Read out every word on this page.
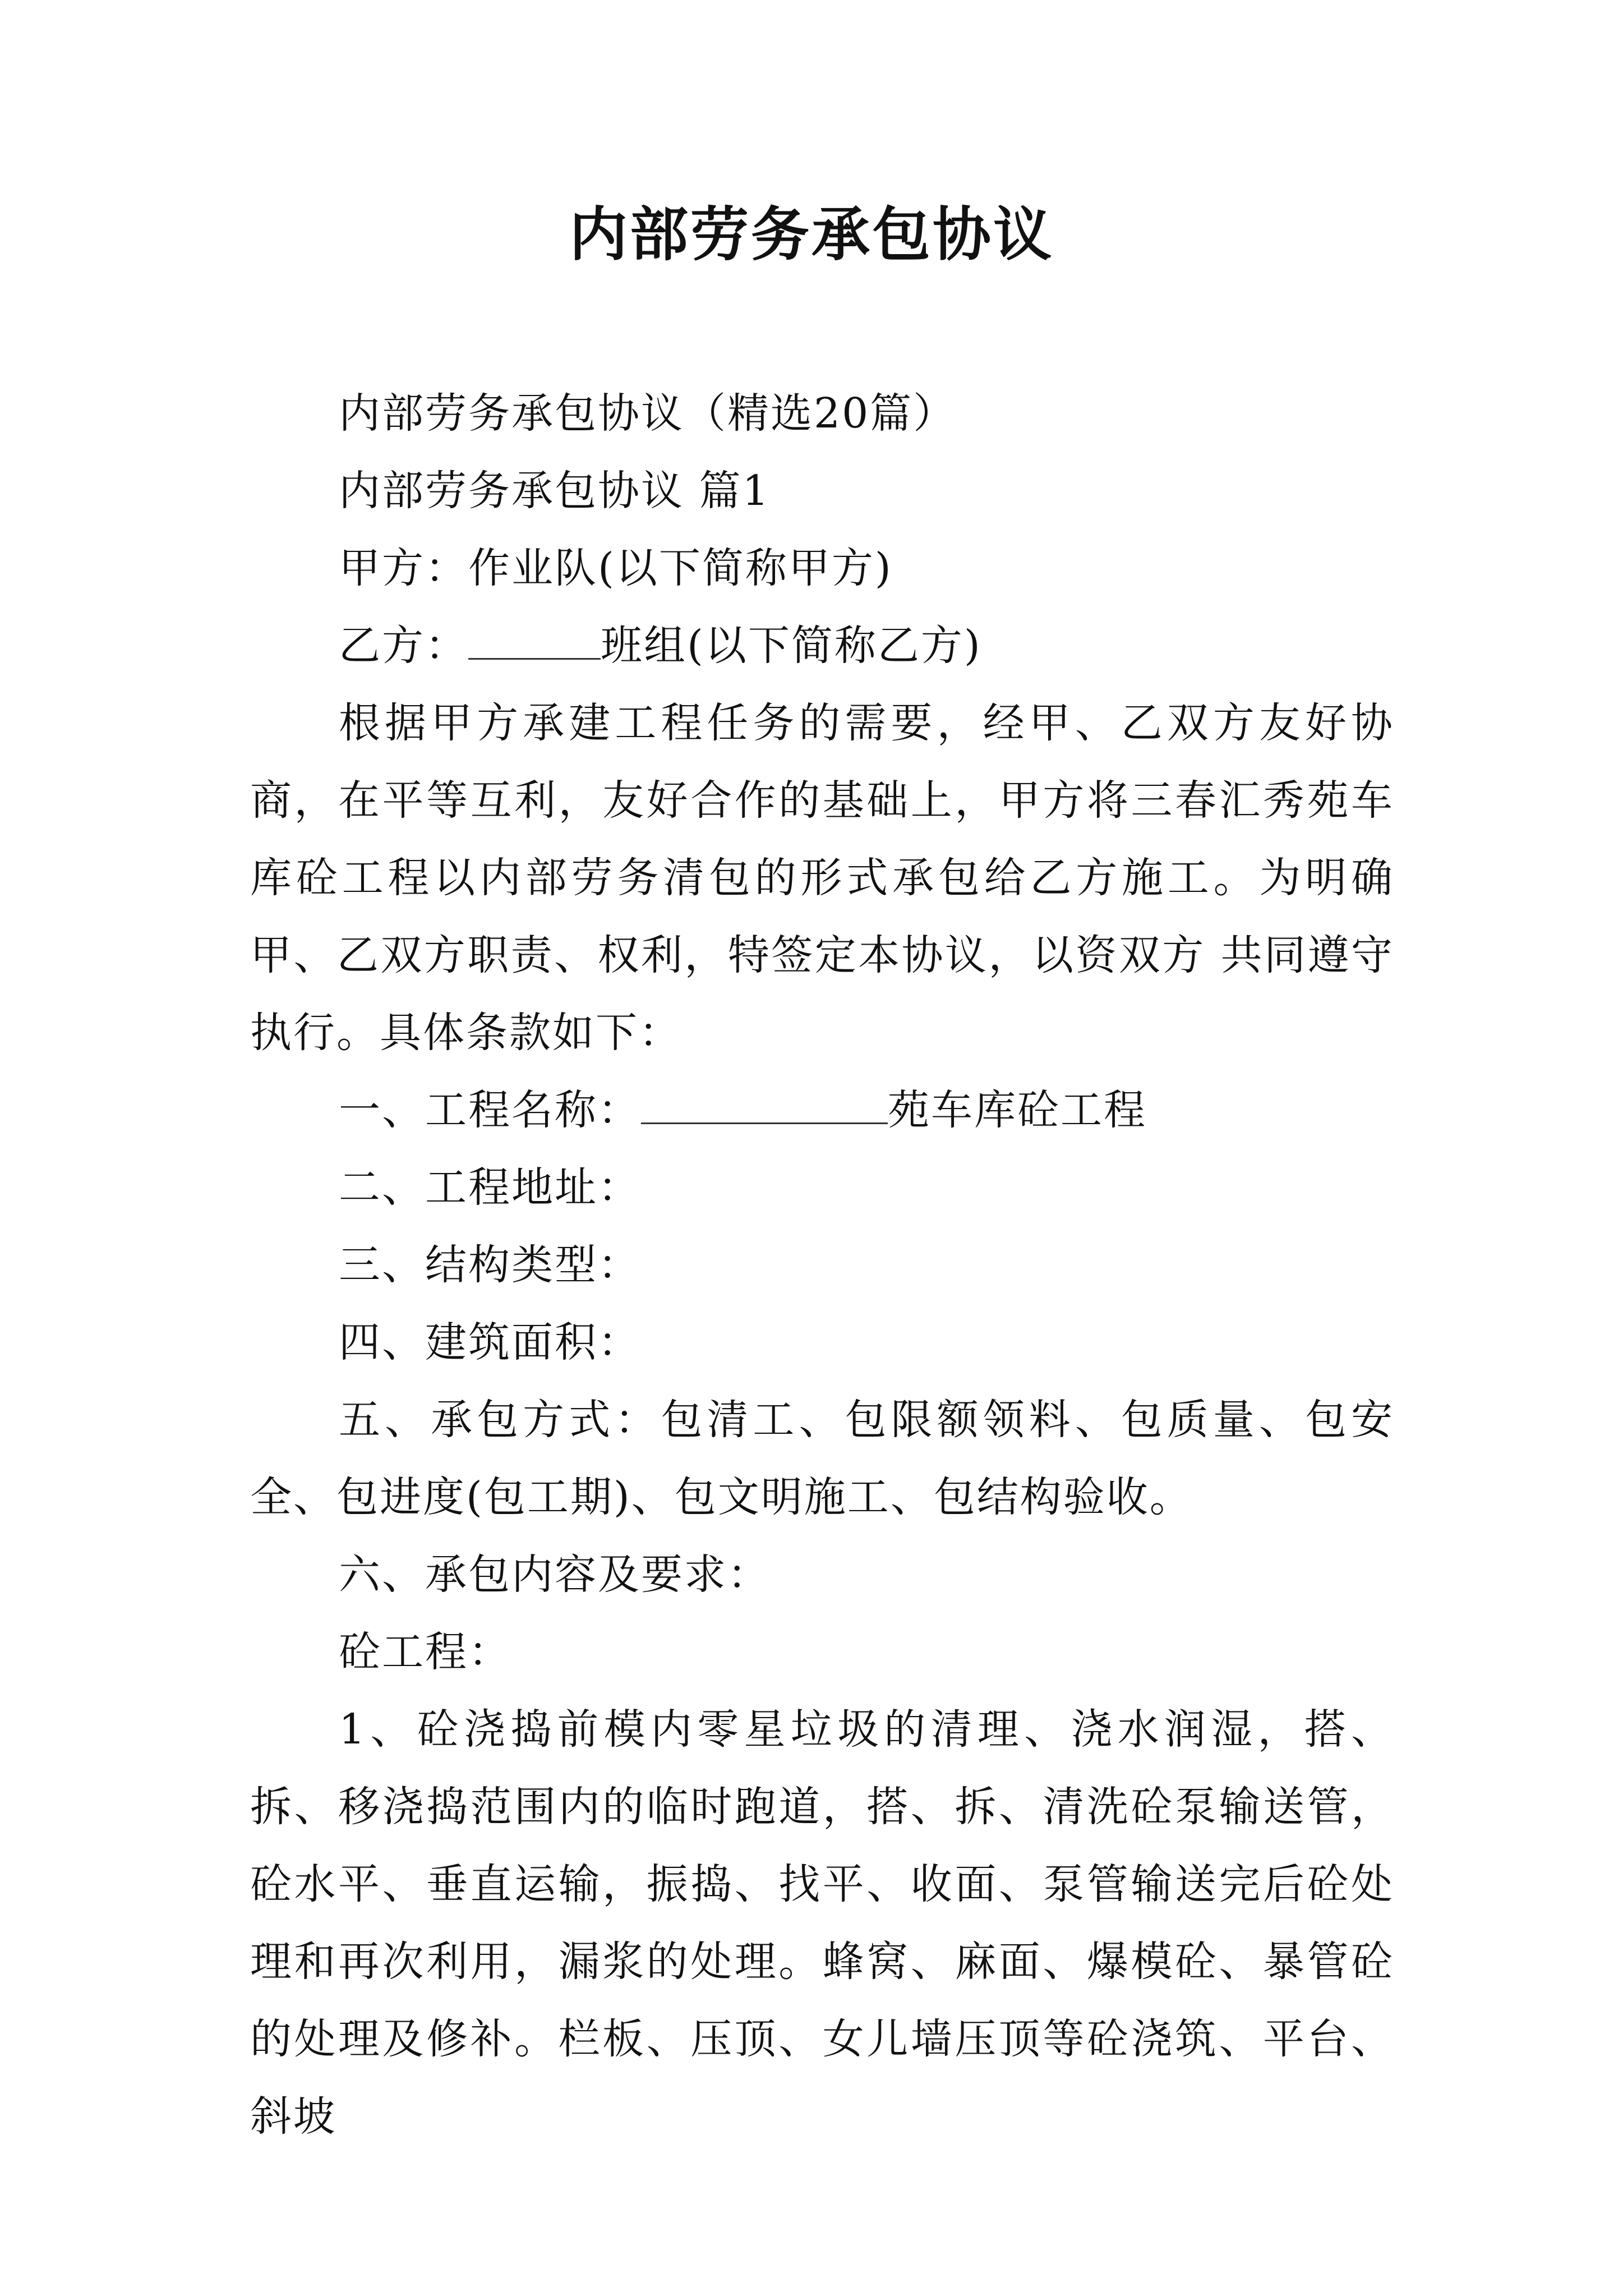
内部劳务承包协议

内部劳务承包协议（精选20篇）

内部劳务承包协议 篇1

甲方：作业队(以下简称甲方)

乙方：	班组(以下简称乙方)

根据甲方承建工程任务的需要，经甲、乙双方友好协商，在平等互利，友好合作的基础上，甲方将三春汇秀苑车库砼工程以内部劳务清包的形式承包给乙方施工。为明确甲、乙双方职责、权利，特签定本协议，以资双方 共同遵守执行。具体条款如下：

一、工程名称：	苑车库砼工程

二、工程地址：

三、结构类型：

四、建筑面积：

五、承包方式：包清工、包限额领料、包质量、包安全、包进度(包工期)、包文明施工、包结构验收。

六、承包内容及要求：

砼工程：

1、砼浇捣前模内零星垃圾的清理、浇水润湿，搭、拆、移浇捣范围内的临时跑道，搭、拆、清洗砼泵输送管，砼水平、垂直运输，振捣、找平、收面、泵管输送完后砼处理和再次利用，漏浆的处理。蜂窝、麻面、爆模砼、暴管砼的处理及修补。栏板、压顶、女儿墙压顶等砼浇筑、平台、斜坡
